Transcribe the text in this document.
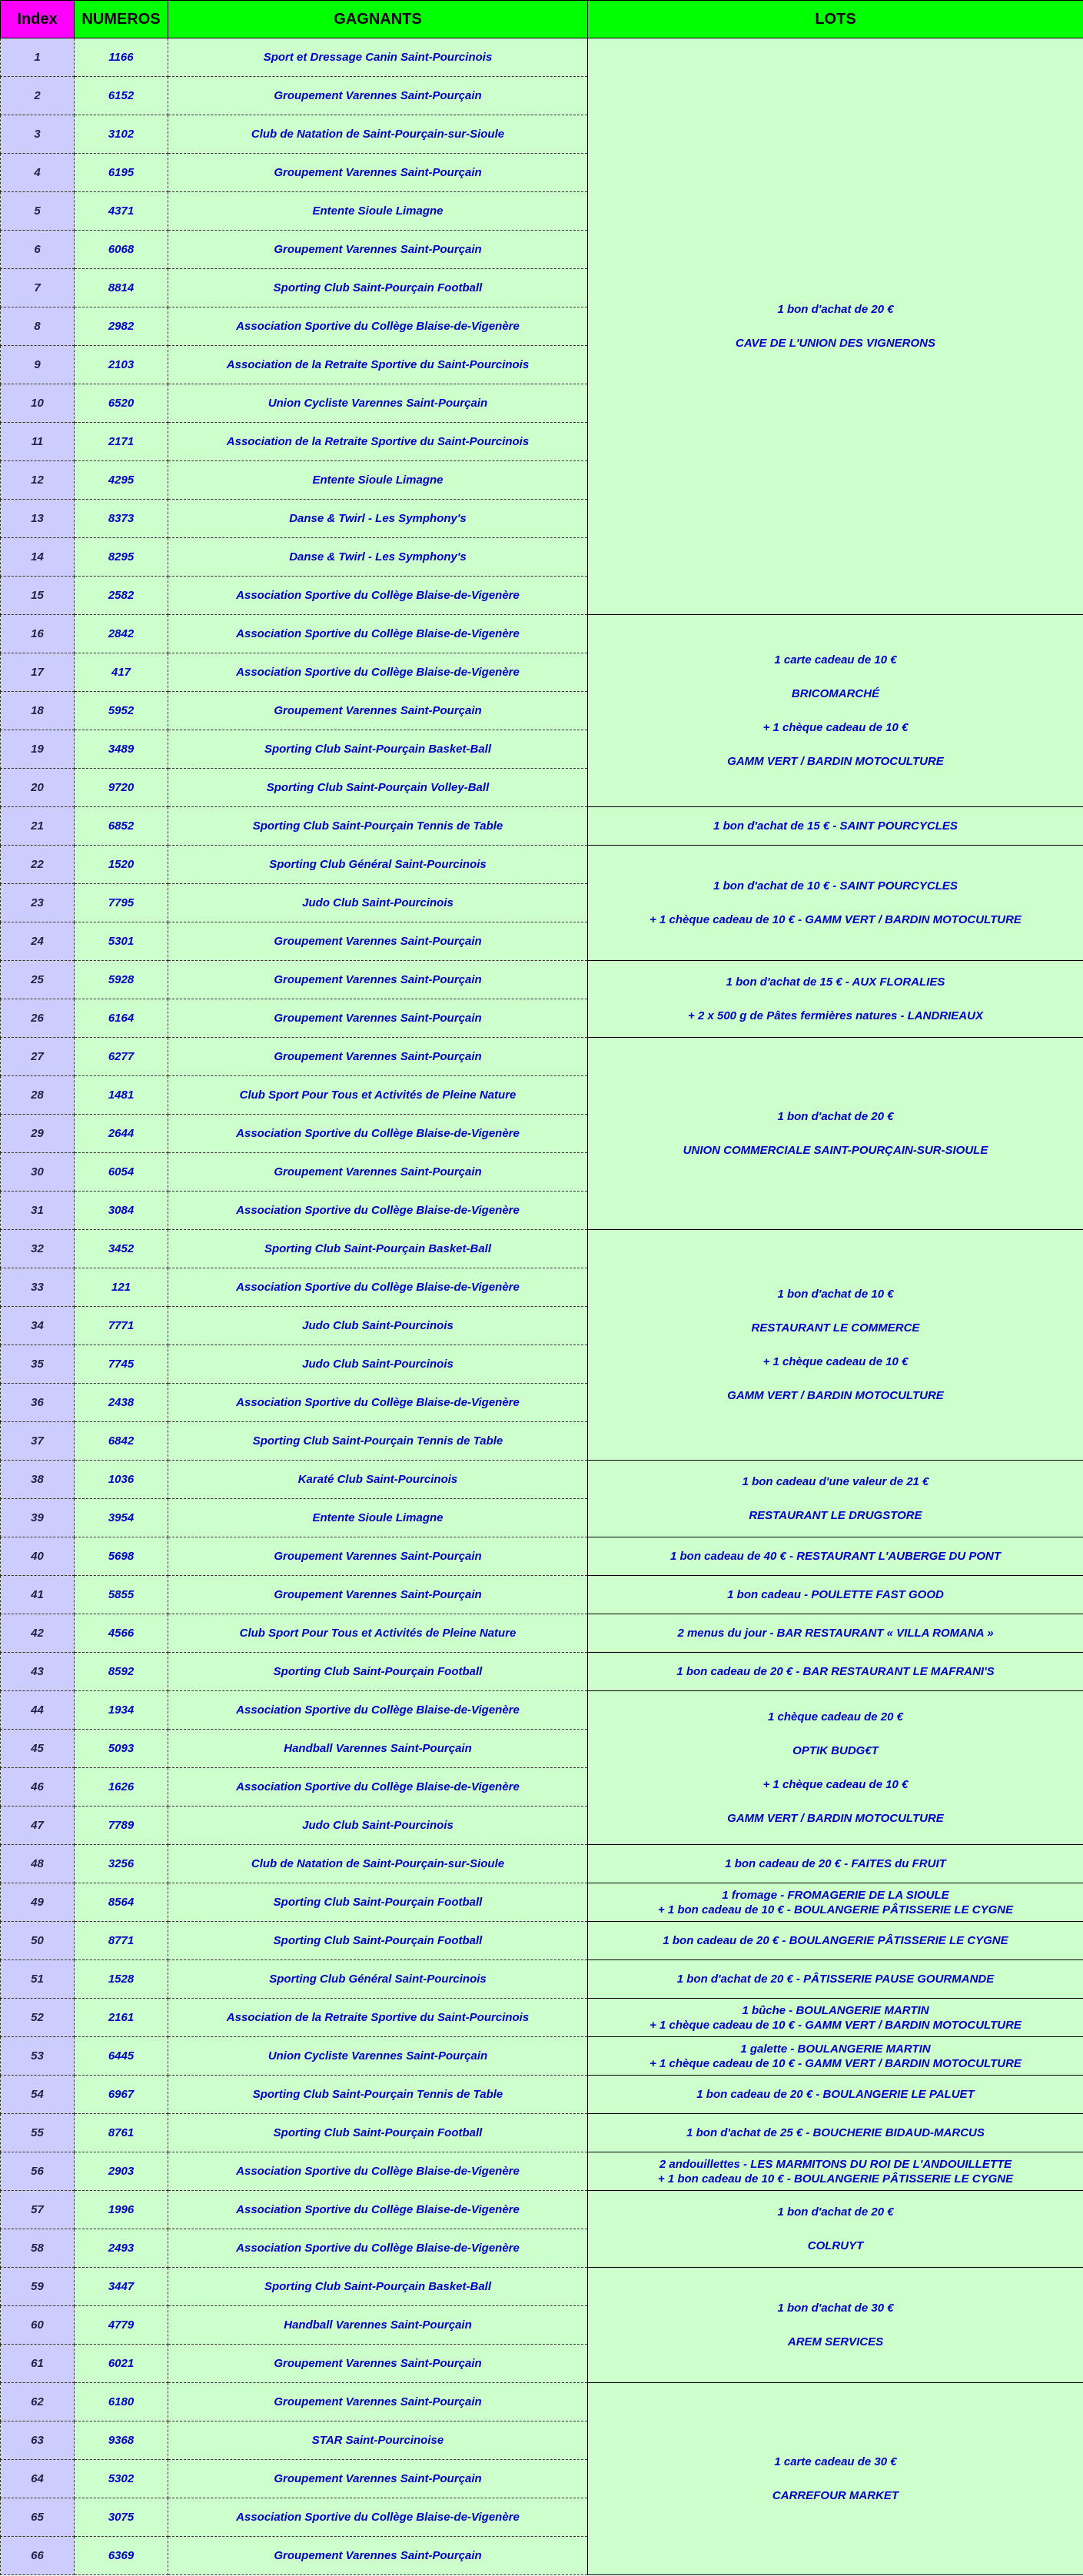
Index	NUMEROS	GAGNANTS	LOTS
1	1166	Sport et Dressage Canin Saint-Pourcinois	1 bon d'achat de 20 €
CAVE DE L'UNION DES VIGNERONS

2	6152	Groupement Varennes Saint-Pourçain	
3	3102	Club de Natation de Saint-Pourçain-sur-Sioule	
4	6195	Groupement Varennes Saint-Pourçain	
5	4371	Entente Sioule Limagne	
6	6068	Groupement Varennes Saint-Pourçain	
7	8814	Sporting Club Saint-Pourçain Football	
8	2982	Association Sportive du Collège Blaise-de-Vigenère	
9	2103	Association de la Retraite Sportive du Saint-Pourcinois	
10	6520	Union Cycliste Varennes Saint-Pourçain	
11	2171	Association de la Retraite Sportive du Saint-Pourcinois	
12	4295	Entente Sioule Limagne	
13	8373	Danse & Twirl - Les Symphony's	
14	8295	Danse & Twirl - Les Symphony's	
15	2582	Association Sportive du Collège Blaise-de-Vigenère	
16	2842	Association Sportive du Collège Blaise-de-Vigenère	1 carte cadeau de 10 €
BRICOMARCHÉ
+ 1 chèque cadeau de 10 €
GAMM VERT / BARDIN MOTOCULTURE

17	417	Association Sportive du Collège Blaise-de-Vigenère	
18	5952	Groupement Varennes Saint-Pourçain	
19	3489	Sporting Club Saint-Pourçain Basket-Ball	
20	9720	Sporting Club Saint-Pourçain Volley-Ball	
21	6852	Sporting Club Saint-Pourçain Tennis de Table	1 bon d'achat de 15 € - SAINT POURCYCLES

22	1520	Sporting Club Général Saint-Pourcinois	1 bon d'achat de 10 € - SAINT POURCYCLES
+ 1 chèque cadeau de 10 € - GAMM VERT / BARDIN MOTOCULTURE

23	7795	Judo Club Saint-Pourcinois	
24	5301	Groupement Varennes Saint-Pourçain	
25	5928	Groupement Varennes Saint-Pourçain	1 bon d'achat de 15 € - AUX FLORALIES
+ 2 x 500 g de Pâtes fermières natures - LANDRIEAUX

26	6164	Groupement Varennes Saint-Pourçain	
27	6277	Groupement Varennes Saint-Pourçain	1 bon d'achat de 20 €
UNION COMMERCIALE SAINT-POURÇAIN-SUR-SIOULE

28	1481	Club Sport Pour Tous et Activités de Pleine Nature	
29	2644	Association Sportive du Collège Blaise-de-Vigenère	
30	6054	Groupement Varennes Saint-Pourçain	
31	3084	Association Sportive du Collège Blaise-de-Vigenère	
32	3452	Sporting Club Saint-Pourçain Basket-Ball	1 bon d'achat de 10 €
RESTAURANT LE COMMERCE
+ 1 chèque cadeau de 10 €
GAMM VERT / BARDIN MOTOCULTURE

33	121	Association Sportive du Collège Blaise-de-Vigenère	
34	7771	Judo Club Saint-Pourcinois	
35	7745	Judo Club Saint-Pourcinois	
36	2438	Association Sportive du Collège Blaise-de-Vigenère	
37	6842	Sporting Club Saint-Pourçain Tennis de Table	
38	1036	Karaté Club Saint-Pourcinois	1 bon cadeau d'une valeur de 21 €
RESTAURANT LE DRUGSTORE

39	3954	Entente Sioule Limagne	
40	5698	Groupement Varennes Saint-Pourçain	1 bon cadeau de 40 € - RESTAURANT L'AUBERGE DU PONT

41	5855	Groupement Varennes Saint-Pourçain	1 bon cadeau - POULETTE FAST GOOD

42	4566	Club Sport Pour Tous et Activités de Pleine Nature	2 menus du jour - BAR RESTAURANT « VILLA ROMANA »

43	8592	Sporting Club Saint-Pourçain Football	1 bon cadeau de 20 € - BAR RESTAURANT LE MAFRANI'S

44	1934	Association Sportive du Collège Blaise-de-Vigenère	1 chèque cadeau de 20 €
OPTIK BUDG€T
+ 1 chèque cadeau de 10 €
GAMM VERT / BARDIN MOTOCULTURE

45	5093	Handball Varennes Saint-Pourçain	
46	1626	Association Sportive du Collège Blaise-de-Vigenère	
47	7789	Judo Club Saint-Pourcinois	
48	3256	Club de Natation de Saint-Pourçain-sur-Sioule	1 bon cadeau de 20 € - FAITES du FRUIT

49	8564	Sporting Club Saint-Pourçain Football	1 fromage - FROMAGERIE DE LA SIOULE
+ 1 bon cadeau de 10 € - BOULANGERIE PÂTISSERIE LE CYGNE

50	8771	Sporting Club Saint-Pourçain Football	1 bon cadeau de 20 € - BOULANGERIE PÂTISSERIE LE CYGNE

51	1528	Sporting Club Général Saint-Pourcinois	1 bon d'achat de 20 € - PÂTISSERIE PAUSE GOURMANDE

52	2161	Association de la Retraite Sportive du Saint-Pourcinois	1 bûche - BOULANGERIE MARTIN
+ 1 chèque cadeau de 10 € - GAMM VERT / BARDIN MOTOCULTURE

53	6445	Union Cycliste Varennes Saint-Pourçain	1 galette - BOULANGERIE MARTIN
+ 1 chèque cadeau de 10 € - GAMM VERT / BARDIN MOTOCULTURE

54	6967	Sporting Club Saint-Pourçain Tennis de Table	1 bon cadeau de 20 € - BOULANGERIE LE PALUET

55	8761	Sporting Club Saint-Pourçain Football	1 bon d'achat de 25 € - BOUCHERIE BIDAUD-MARCUS

56	2903	Association Sportive du Collège Blaise-de-Vigenère	2 andouillettes - LES MARMITONS DU ROI DE L'ANDOUILLETTE
+ 1 bon cadeau de 10 € - BOULANGERIE PÂTISSERIE LE CYGNE

57	1996	Association Sportive du Collège Blaise-de-Vigenère	1 bon d'achat de 20 €
COLRUYT

58	2493	Association Sportive du Collège Blaise-de-Vigenère	
59	3447	Sporting Club Saint-Pourçain Basket-Ball	1 bon d'achat de 30 €
AREM SERVICES

60	4779	Handball Varennes Saint-Pourçain	
61	6021	Groupement Varennes Saint-Pourçain	
62	6180	Groupement Varennes Saint-Pourçain	1 carte cadeau de 30 €
CARREFOUR MARKET

63	9368	STAR Saint-Pourcinoise	
64	5302	Groupement Varennes Saint-Pourçain	
65	3075	Association Sportive du Collège Blaise-de-Vigenère	
66	6369	Groupement Varennes Saint-Pourçain	
